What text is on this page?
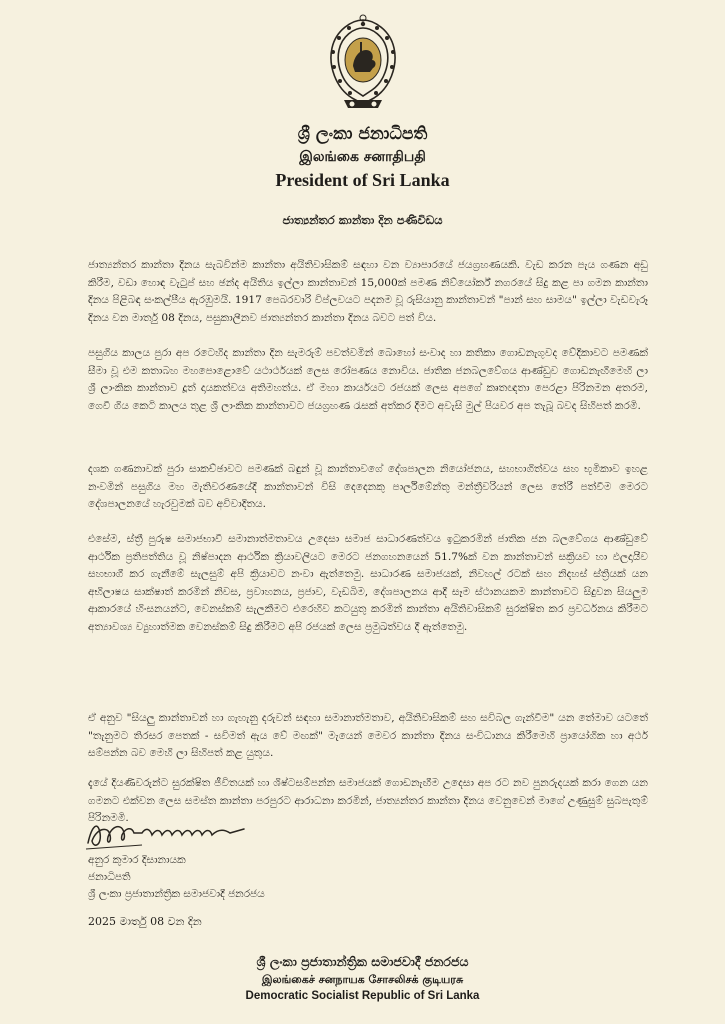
ශ්‍රී ලංකා ජනාධිපති
இலங்கை சனாதிபதி
President of Sri Lanka
ජාත්‍යන්තර කාන්තා දින පණිවිඩය
ජාත්‍යන්තර කාන්තා දිනය සැබවින්ම කාන්තා අයිතිවාසිකම් සඳහා වන ව්‍යාපාරයේ ජයග්‍රහණයකි. වැඩ කරන පැය ගණන අඩු කිරීම, වඩා හොඳ වැටුප් සහ ඡන්ද අයිතිය ඉල්ලා කාන්තාවන් 15,000ක් පමණ නිව්යෝර්ක් නගරයේ සිදු කළ පා ගමන කාන්තා දිනය පිළිබඳ සංකල්පීය ඇරඹුමයි. 1917 පෙබරවාරි විප්ලවයට පදනම වූ රුසියානු කාන්තාවන් "පාන් සහ සාමය" ඉල්ලා වැඩවැරූ දිනය වන මාර්තු 08 දිනය, පසුකාලීනව ජාත්‍යන්තර කාන්තා දිනය බවට පත් විය.
පසුගිය කාලය පුරා අප රටෙහිද කාන්තා දින සැමරුම් පවත්වමින් බොහෝ සංවාද හා කතිකා ගොඩනැගුවද වේදිකාවට පමණක් සීමා වූ එම කතාබහ මහපොළොවේ යථාර්ථයක් ලෙස රෝපණය නොවිය. ජාතික ජනබලවේගය ආණ්ඩුව ගොඩනැඟීමෙහි ලා ශ්‍රී ලාංකික කාන්තාව දූත් දායකත්වය අතිමහත්ය. ඒ මහා කාර්යයට රජයක් ලෙස අපගේ කෘතඥතා පෙරළා පිරිනමන අතරම, ගෙවී ගිය කෙටි කාලය තුළ ශ්‍රී ලාංකික කාන්තාවට ජයග්‍රහණ රැසක් අත්කර දීමට අවැසි මුල් පියවර අප තැබූ බවද සිහිපත් කරමි.
දශක ගණනාවක් පුරා සාකච්ඡාවට පමණක් බඳුන් වූ කාන්තාවගේ දේශපාලන නියෝජනය, සහභාගිත්වය සහ භූමිකාව ඉහළ නංවමින් පසුගිය මහ මැතිවරණයේදී කාන්තාවන් විසි දෙදෙනකු පාර්ලිමේන්තු මන්ත්‍රීවරියන් ලෙස තේරී පත්වීම මෙරට දේශපාලනයේ හැරවුමක් බව අවිවාදිතය.
එසේම, ස්ත්‍රී පුරුෂ සමාජභාවී සමානාත්මතාවය උදෙසා සමාජ සාධාරණත්වය ඉටුකරමින් ජාතික ජන බලවේගය ආණ්ඩුවේ ආර්ථික ප්‍රතිපත්තිය වූ නිෂ්පාදන ආර්ථික ක්‍රියාවලියට මෙරට ජනගහනයෙන් 51.7%ක් වන කාන්තාවන් සක්‍රියව හා ඵලදායීව සහභාගී කර ගැනීමේ සැලසුම් අපි ක්‍රියාවට නංවා ඇත්තෙමු. සාධාරණ සමාජයක්, නිවහල් රටක් සහ නිදහස් ස්ත්‍රියක් යන අභිලාෂය සාක්ෂාත් කරමින් නිවස, ප්‍රවාහනය, ප්‍රජාව, වැඩබිම, දේශපාලනය ආදී සෑම ස්ථානයකම කාන්තාවට සිදුවන සියලුම ආකාරයේ හිංසනයන්ට, වෙනස්කම් සැලකීමට එරෙහිව කටයුතු කරමින් කාන්තා අයිතිවාසිකම් සුරක්ෂිත කර ප්‍රවර්ධනය කිරීමට අත්‍යාවශ්‍ය ව්‍යුහාත්මක වෙනස්කම් සිදු කිරීමට අපි රජයක් ලෙස ප්‍රමුඛත්වය දී ඇත්තෙමු.
ඒ අනුව "සියලු කාන්තාවන් හා ගැහැනු දරුවන් සඳහා සමානාත්මතාව, අයිතිවාසිකම් සහ සවිබල ගැන්වීම" යන තේමාව යටතේ "තැනුමට තිරසර පෙතක් - සවිමත් ඇය වේ මඟක්" මැයෙන් මෙවර කාන්තා දිනය සංවිධානය කිරීමෙහි ප්‍රායෝගික හා අර්ථ සම්පන්න බව මෙහි ලා සිහිපත් කළ යුතුය.
දැයේ දියණිවරුන්ට සුරක්ෂිත ජීවිතයක් හා ශිෂ්ටසම්පන්න සමාජයක් ගොඩනැඟීම උදෙසා අප රට නව පුනරුදයක් කරා ගෙන යන ගමනට එක්වන ලෙස සමස්ත කාන්තා පරපුරට ආරාධනා කරමින්, ජාත්‍යන්තර කාන්තා දිනය වෙනුවෙන් මාගේ උණුසුම් සුබපැතුම් පිරිනමමි.
අනුර කුමාර දිසානායක
ජනාධිපති
ශ්‍රී ලංකා ප්‍රජාතාන්ත්‍රික සමාජවාදී ජනරජය
2025 මාර්තු 08 වන දින
ශ්‍රී ලංකා ප්‍රජාතාන්ත්‍රික සමාජවාදී ජනරජය
இலங்கைச் சனநாயக சோசலிசக் குடியரசு
Democratic Socialist Republic of Sri Lanka
